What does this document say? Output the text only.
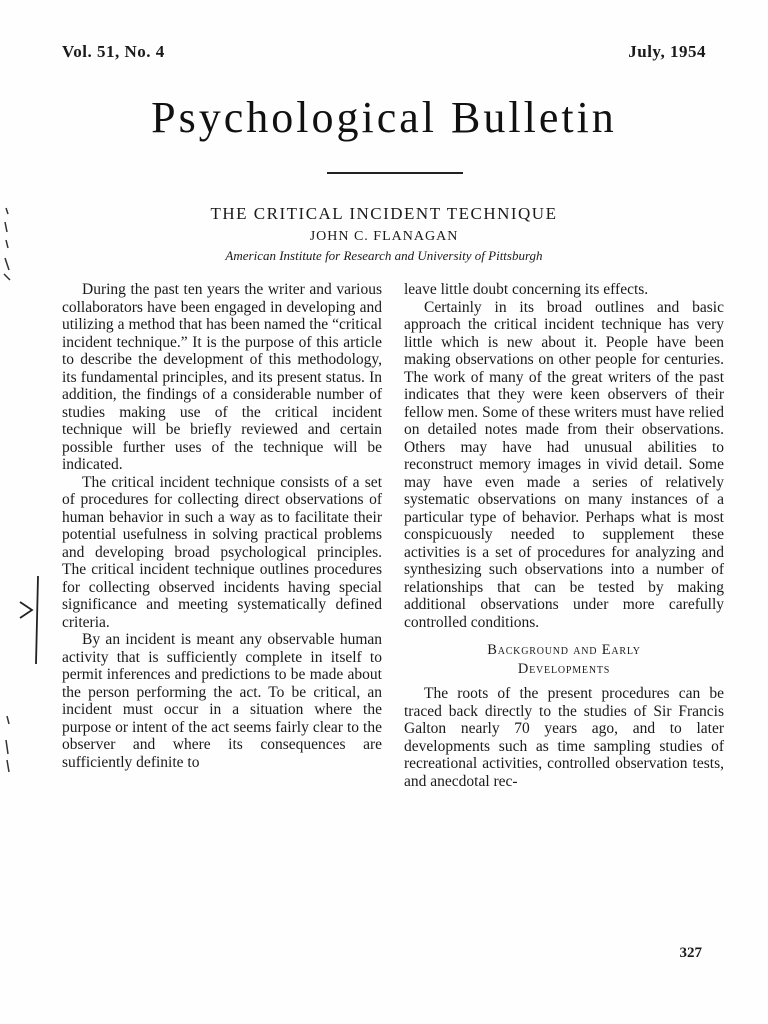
Vol. 51, No. 4	July, 1954
Psychological Bulletin
THE CRITICAL INCIDENT TECHNIQUE
JOHN C. FLANAGAN
American Institute for Research and University of Pittsburgh

During the past ten years the writer and various collaborators have been engaged in developing and utilizing a method that has been named the “critical incident technique.” It is the purpose of this article to describe the development of this methodology, its fundamental principles, and its present status. In addition, the findings of a considerable number of studies making use of the critical incident technique will be briefly reviewed and certain possible further uses of the technique will be indicated.

The critical incident technique consists of a set of procedures for collecting direct observations of human behavior in such a way as to facilitate their potential usefulness in solving practical problems and developing broad psychological principles. The critical incident technique outlines procedures for collecting observed incidents having special significance and meeting systematically defined criteria.

By an incident is meant any observable human activity that is sufficiently complete in itself to permit inferences and predictions to be made about the person performing the act. To be critical, an incident must occur in a situation where the purpose or intent of the act seems fairly clear to the observer and where its consequences are sufficiently definite to

leave little doubt concerning its effects.

Certainly in its broad outlines and basic approach the critical incident technique has very little which is new about it. People have been making observations on other people for centuries. The work of many of the great writers of the past indicates that they were keen observers of their fellow men. Some of these writers must have relied on detailed notes made from their observations. Others may have had unusual abilities to reconstruct memory images in vivid detail. Some may have even made a series of relatively systematic observations on many instances of a particular type of behavior. Perhaps what is most conspicuously needed to supplement these activities is a set of procedures for analyzing and synthesizing such observations into a number of relationships that can be tested by making additional observations under more carefully controlled conditions.

Background and Early
Developments

The roots of the present procedures can be traced back directly to the studies of Sir Francis Galton nearly 70 years ago, and to later developments such as time sampling studies of recreational activities, controlled observation tests, and anecdotal rec-

327
